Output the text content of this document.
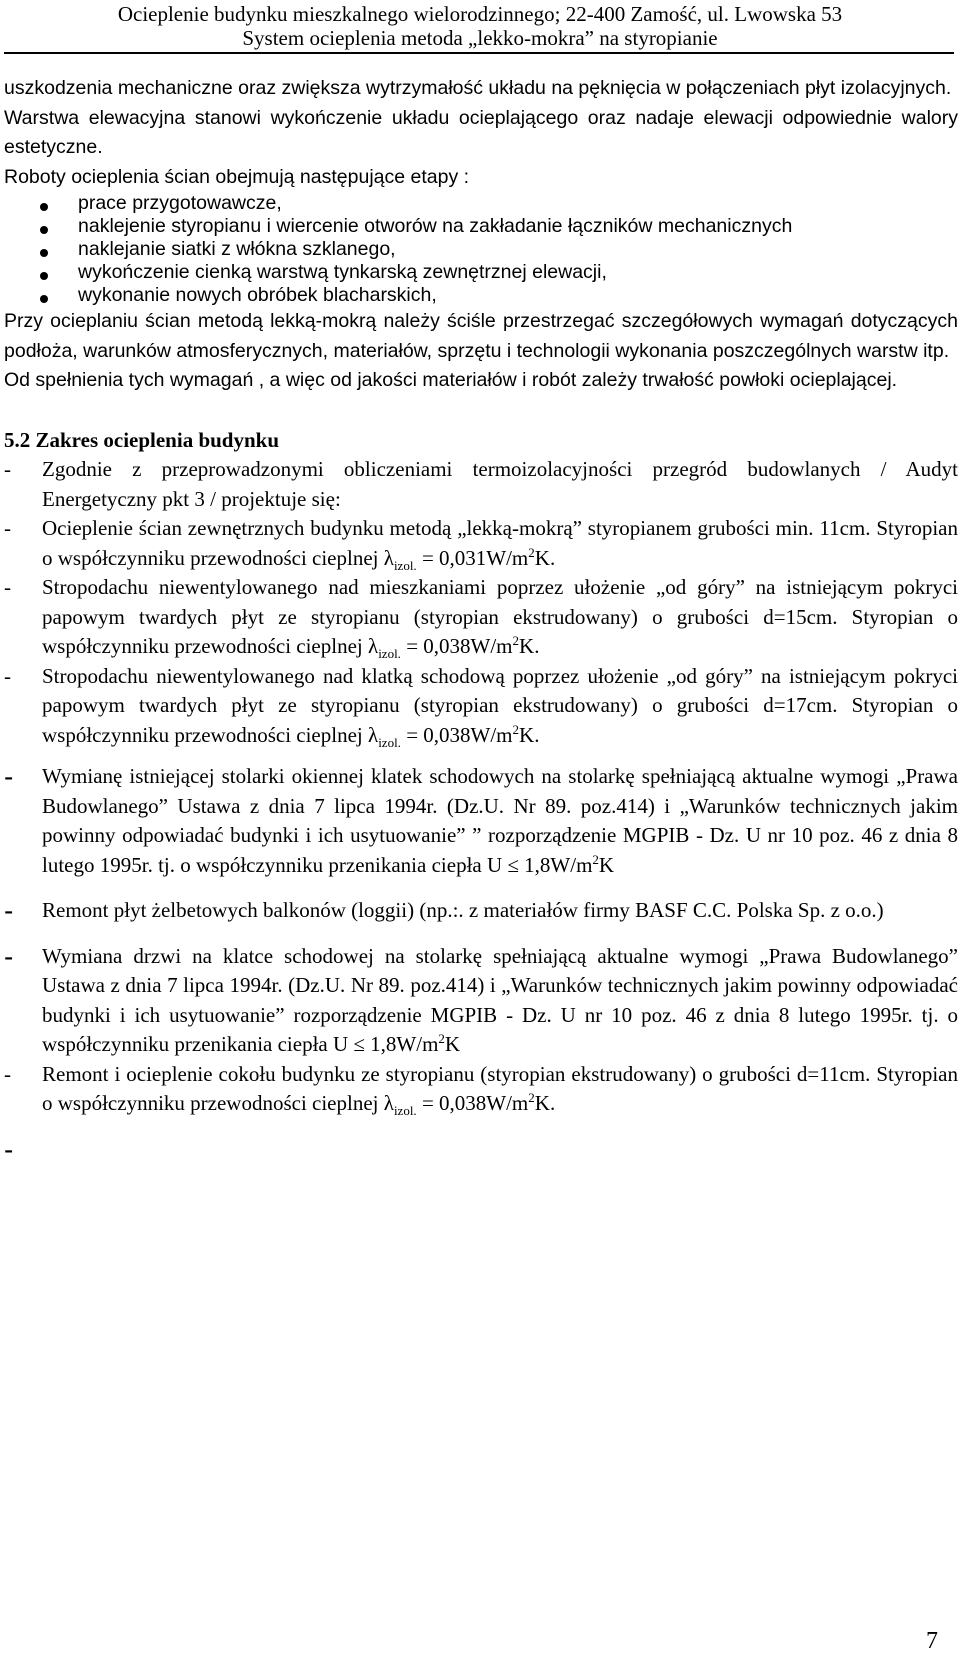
Ocieplenie budynku mieszkalnego wielorodzinnego; 22-400 Zamość, ul. Lwowska 53
System ocieplenia metoda „lekko-mokra” na styropianie

uszkodzenia mechaniczne oraz zwiększa wytrzymałość układu na pęknięcia w połączeniach płyt izolacyjnych.

Warstwa elewacyjna stanowi wykończenie układu ocieplającego oraz nadaje elewacji odpowiednie walory estetyczne.

Roboty ocieplenia ścian obejmują następujące etapy :

prace przygotowawcze,
naklejenie styropianu i wiercenie otworów na zakładanie łączników mechanicznych
naklejanie siatki z włókna szklanego,
wykończenie cienką warstwą tynkarską zewnętrznej elewacji,
wykonanie nowych obróbek blacharskich,

Przy ocieplaniu ścian metodą lekką-mokrą należy ściśle przestrzegać szczegółowych wymagań dotyczących podłoża, warunków atmosferycznych, materiałów, sprzętu i technologii wykonania poszczególnych warstw itp.

Od spełnienia tych wymagań , a więc od jakości materiałów i robót zależy trwałość powłoki ocieplającej.

5.2 Zakres ocieplenia budynku

- Zgodnie z przeprowadzonymi obliczeniami termoizolacyjności przegród budowlanych / Audyt Energetyczny pkt 3 / projektuje się:

- Ocieplenie ścian zewnętrznych budynku metodą „lekką-mokrą” styropianem grubości min. 11cm. Styropian o współczynniku przewodności cieplnej $\lambda_{izol.} = 0,031W/m^2K$.

- Stropodachu niewentylowanego nad mieszkaniami poprzez ułożenie „od góry” na istniejącym pokryci papowym twardych płyt ze styropianu (styropian ekstrudowany) o grubości d=15cm. Styropian o współczynniku przewodności cieplnej $\lambda_{izol.} = 0,038W/m^2K$.

- Stropodachu niewentylowanego nad klatką schodową poprzez ułożenie „od góry” na istniejącym pokryci papowym twardych płyt ze styropianu (styropian ekstrudowany) o grubości d=17cm. Styropian o współczynniku przewodności cieplnej $\lambda_{izol.} = 0,038W/m^2K$.

- Wymianę istniejącej stolarki okiennej klatek schodowych na stolarkę spełniającą aktualne wymogi „Prawa Budowlanego” Ustawa z dnia 7 lipca 1994r. (Dz.U. Nr 89. poz.414) i „Warunków technicznych jakim powinny odpowiadać budynki i ich usytuowanie” ” rozporządzenie MGPIB - Dz. U nr 10 poz. 46 z dnia 8 lutego 1995r. tj. o współczynniku przenikania ciepła $U \le 1,8W/m^2K$

- Remont płyt żelbetowych balkonów (loggii) (np.:. z materiałów firmy BASF C.C. Polska Sp. z o.o.)

- Wymiana drzwi na klatce schodowej na stolarkę spełniającą aktualne wymogi „Prawa Budowlanego” Ustawa z dnia 7 lipca 1994r. (Dz.U. Nr 89. poz.414) i „Warunków technicznych jakim powinny odpowiadać budynki i ich usytuowanie” rozporządzenie MGPIB - Dz. U nr 10 poz. 46 z dnia 8 lutego 1995r. tj. o współczynniku przenikania ciepła $U \le 1,8W/m^2K$

- Remont i ocieplenie cokołu budynku ze styropianu (styropian ekstrudowany) o grubości d=11cm. Styropian o współczynniku przewodności cieplnej $\lambda_{izol.} = 0,038W/m^2K$.

-

7
